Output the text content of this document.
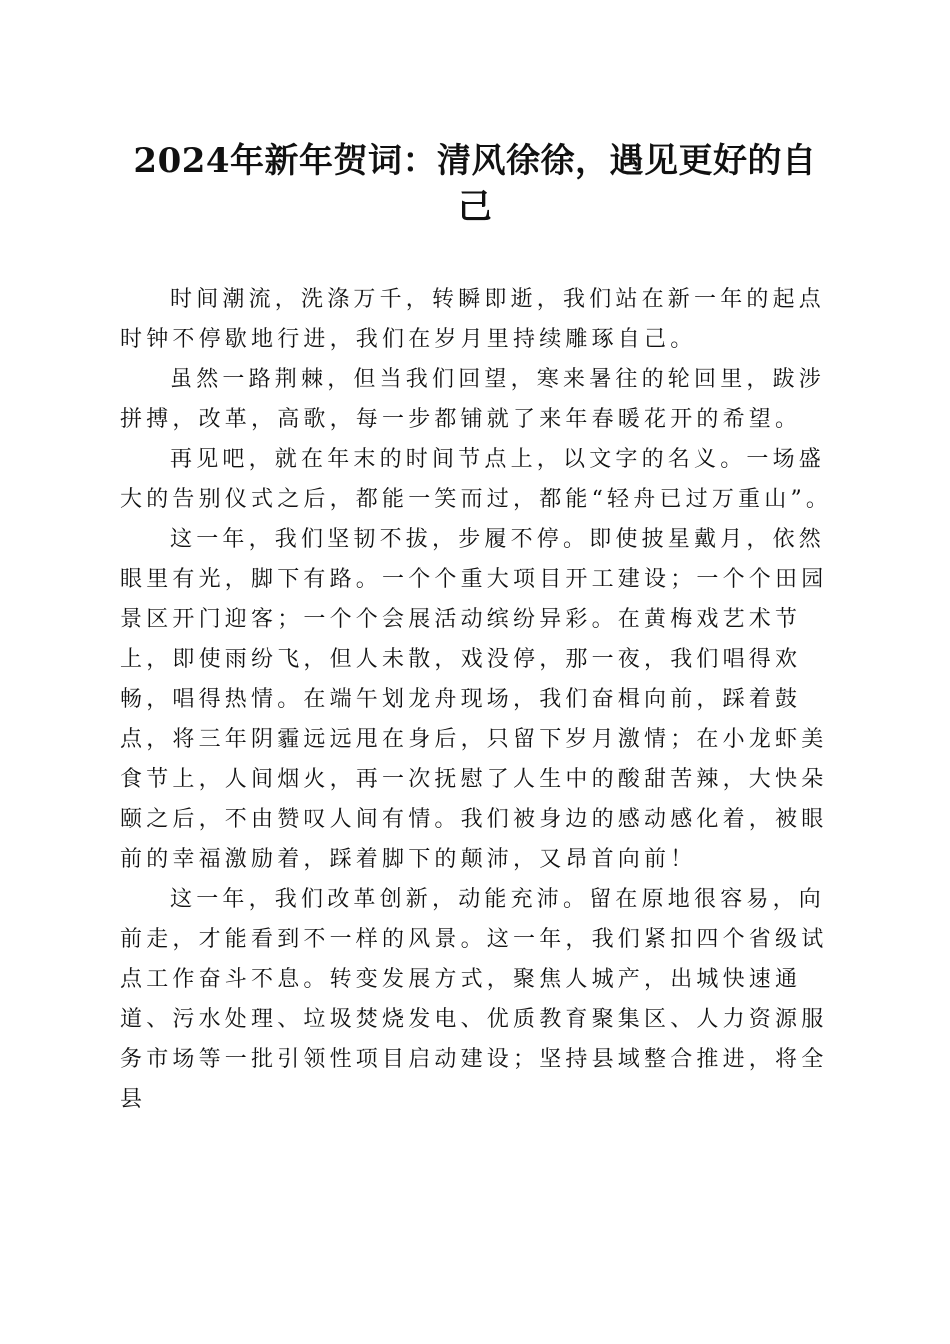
2024年新年贺词：清风徐徐，遇见更好的自己

时间潮流，洗涤万千，转瞬即逝，我们站在新一年的起点时钟不停歇地行进，我们在岁月里持续雕琢自己。

虽然一路荆棘，但当我们回望，寒来暑往的轮回里，跋涉拼搏，改革，高歌，每一步都铺就了来年春暖花开的希望。

再见吧，就在年末的时间节点上，以文字的名义。一场盛大的告别仪式之后，都能一笑而过，都能“轻舟已过万重山”。

这一年，我们坚韧不拔，步履不停。即使披星戴月，依然眼里有光，脚下有路。一个个重大项目开工建设；一个个田园景区开门迎客；一个个会展活动缤纷异彩。在黄梅戏艺术节上，即使雨纷飞，但人未散，戏没停，那一夜，我们唱得欢畅，唱得热情。在端午划龙舟现场，我们奋楫向前，踩着鼓点，将三年阴霾远远甩在身后，只留下岁月激情；在小龙虾美食节上，人间烟火，再一次抚慰了人生中的酸甜苦辣，大快朵颐之后，不由赞叹人间有情。我们被身边的感动感化着，被眼前的幸福激励着，踩着脚下的颠沛，又昂首向前！

这一年，我们改革创新，动能充沛。留在原地很容易，向前走，才能看到不一样的风景。这一年，我们紧扣四个省级试点工作奋斗不息。转变发展方式，聚焦人城产，出城快速通道、污水处理、垃圾焚烧发电、优质教育聚集区、人力资源服务市场等一批引领性项目启动建设；坚持县域整合推进，将全县
